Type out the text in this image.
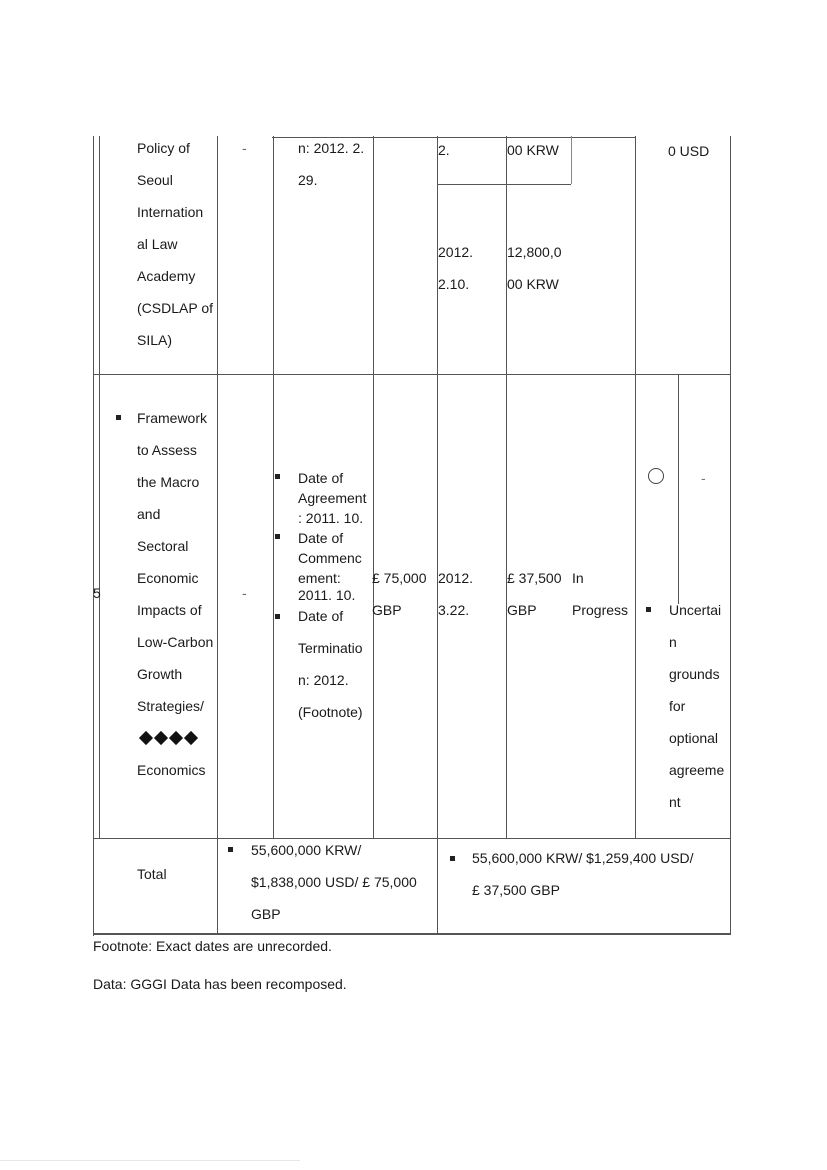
Policy of
Seoul
Internation
al Law
Academy
(CSDLAP of
SILA)
-	n: 2012. 2.
29.
2.	00 KRW
2012.
2.10.
12,800,0
00 KRW
0 USD
5
Framework
to Assess
the Macro
and
Sectoral
Economic
Impacts of
Low-Carbon
Growth
Strategies/
Economics
-
Date of
Agreement
: 2011. 10.
Date of
Commenc
ement:
2011. 10.
Date of
Terminatio
n: 2012.
(Footnote)
£ 75,000
GBP
2012.
3.22.
£ 37,500
GBP
In
Progress
-
Uncertai
n
grounds
for
optional
agreeme
nt
Total
55,600,000 KRW/
$1,838,000 USD/ £ 75,000
GBP
55,600,000 KRW/ $1,259,400 USD/
£ 37,500 GBP
Footnote: Exact dates are unrecorded.
Data: GGGI Data has been recomposed.
